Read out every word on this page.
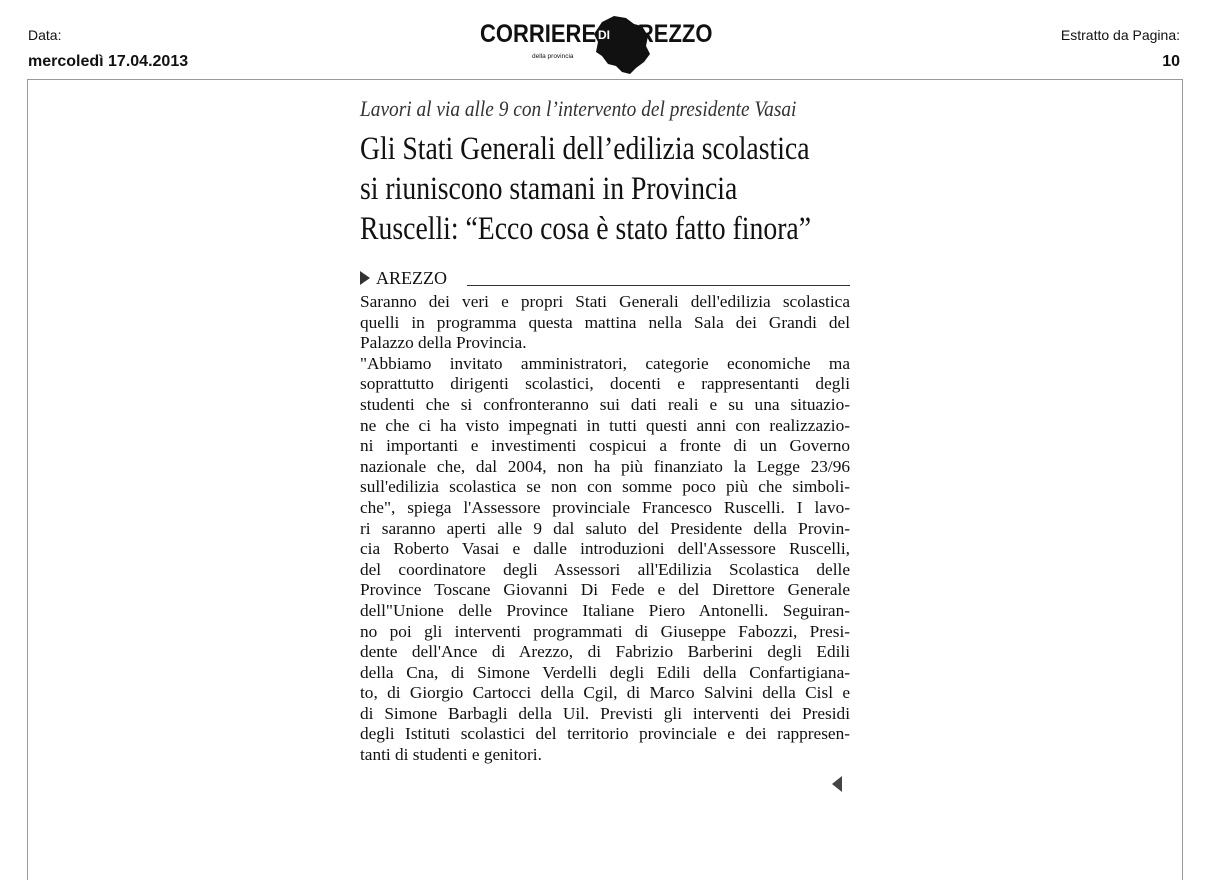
Data:
mercoledì 17.04.2013
CORRIERE DI AREZZO
della provincia
Estratto da Pagina:
10
Lavori al via alle 9 con l’intervento del presidente Vasai
Gli Stati Generali dell’edilizia scolastica
si riuniscono stamani in Provincia
Ruscelli: “Ecco cosa è stato fatto finora”
AREZZO
Saranno dei veri e propri Stati Generali dell'edilizia scolastica
quelli in programma questa mattina nella Sala dei Grandi del
Palazzo della Provincia.
"Abbiamo invitato amministratori, categorie economiche ma
soprattutto dirigenti scolastici, docenti e rappresentanti degli
studenti che si confronteranno sui dati reali e su una situazio-
ne che ci ha visto impegnati in tutti questi anni con realizzazio-
ni importanti e investimenti cospicui a fronte di un Governo
nazionale che, dal 2004, non ha più finanziato la Legge 23/96
sull'edilizia scolastica se non con somme poco più che simboli-
che", spiega l'Assessore provinciale Francesco Ruscelli. I lavo-
ri saranno aperti alle 9 dal saluto del Presidente della Provin-
cia Roberto Vasai e dalle introduzioni dell'Assessore Ruscelli,
del coordinatore degli Assessori all'Edilizia Scolastica delle
Province Toscane Giovanni Di Fede e del Direttore Generale
dell"Unione delle Province Italiane Piero Antonelli. Seguiran-
no poi gli interventi programmati di Giuseppe Fabozzi, Presi-
dente dell'Ance di Arezzo, di Fabrizio Barberini degli Edili
della Cna, di Simone Verdelli degli Edili della Confartigiana-
to, di Giorgio Cartocci della Cgil, di Marco Salvini della Cisl e
di Simone Barbagli della Uil. Previsti gli interventi dei Presidi
degli Istituti scolastici del territorio provinciale e dei rappresen-
tanti di studenti e genitori.
